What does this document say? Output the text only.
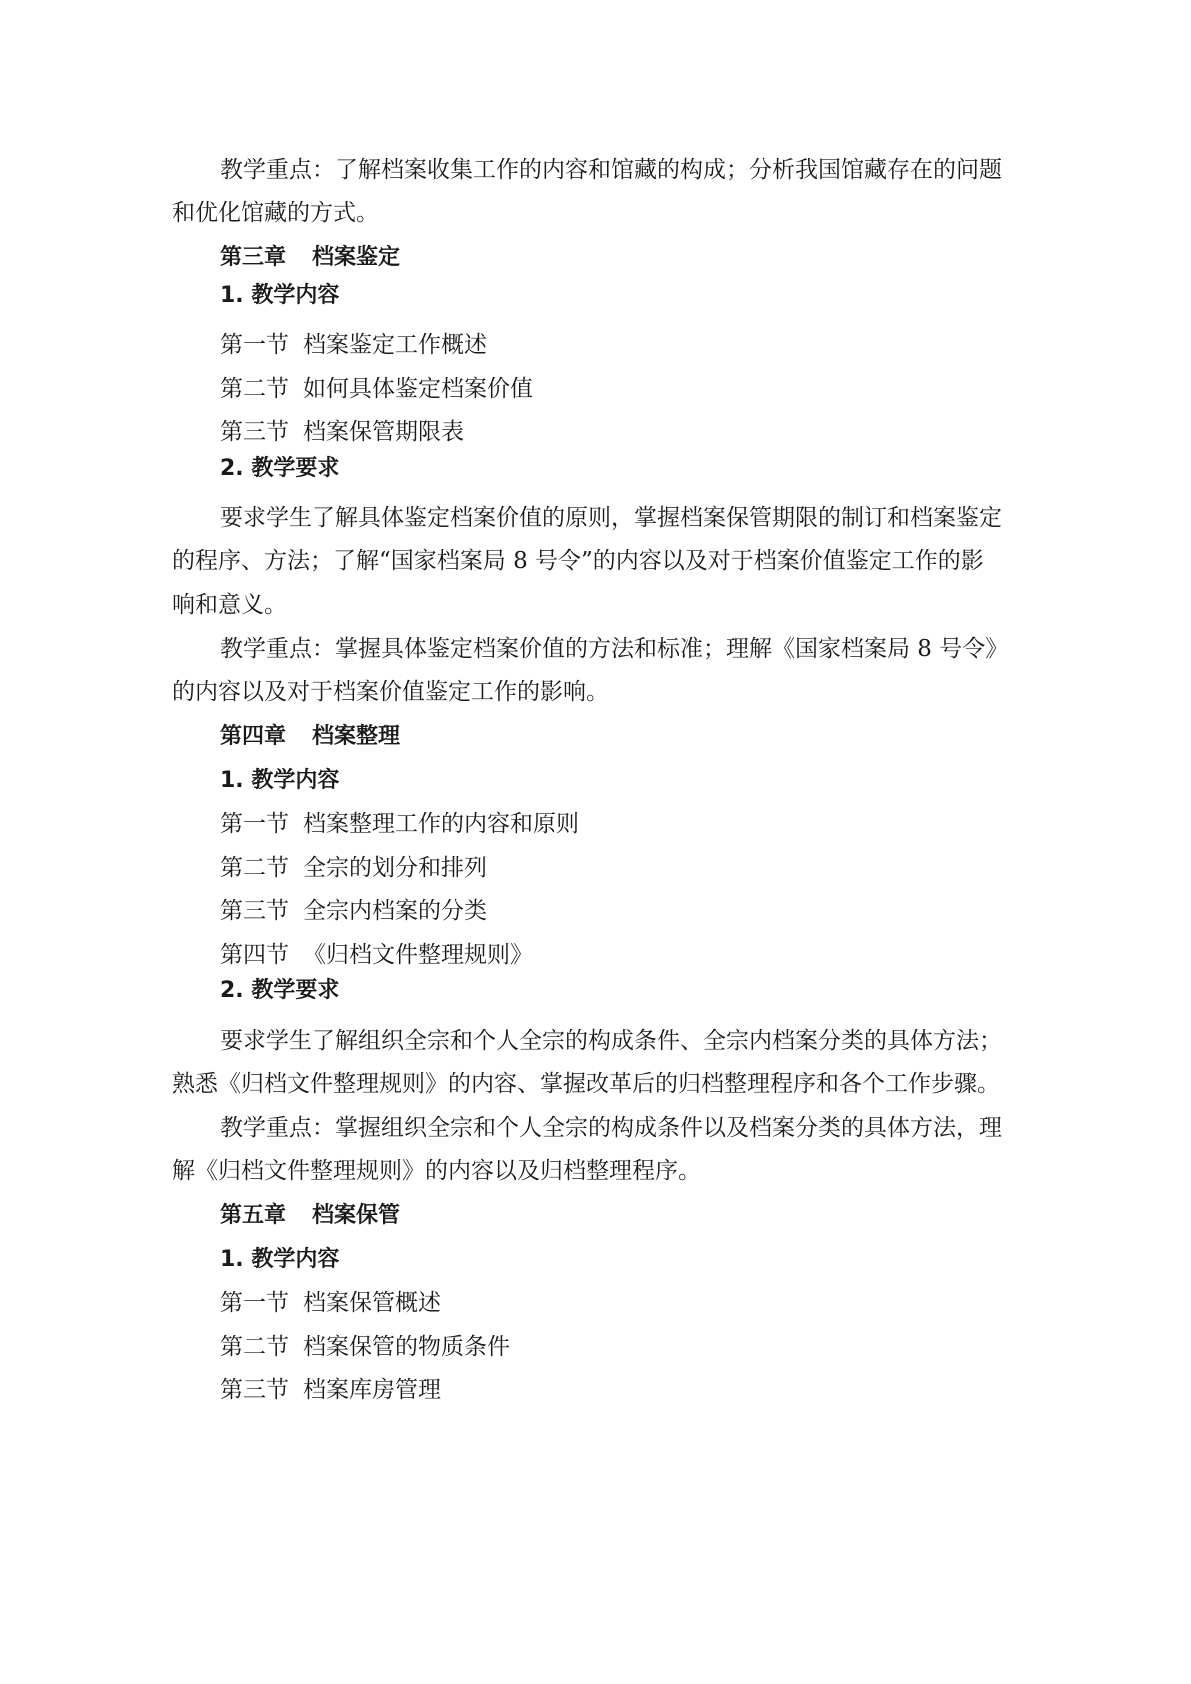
教学重点：了解档案收集工作的内容和馆藏的构成；分析我国馆藏存在的问题
和优化馆藏的方式。
第三章 档案鉴定
1. 教学内容
第一节 档案鉴定工作概述
第二节 如何具体鉴定档案价值
第三节 档案保管期限表
2. 教学要求
要求学生了解具体鉴定档案价值的原则，掌握档案保管期限的制订和档案鉴定
的程序、方法；了解“国家档案局 8 号令”的内容以及对于档案价值鉴定工作的影
响和意义。
教学重点：掌握具体鉴定档案价值的方法和标准；理解《国家档案局 8 号令》
的内容以及对于档案价值鉴定工作的影响。
第四章 档案整理
1. 教学内容
第一节 档案整理工作的内容和原则
第二节 全宗的划分和排列
第三节 全宗内档案的分类
第四节 《归档文件整理规则》
2. 教学要求
要求学生了解组织全宗和个人全宗的构成条件、全宗内档案分类的具体方法；
熟悉《归档文件整理规则》的内容、掌握改革后的归档整理程序和各个工作步骤。
教学重点：掌握组织全宗和个人全宗的构成条件以及档案分类的具体方法，理
解《归档文件整理规则》的内容以及归档整理程序。
第五章 档案保管
1. 教学内容
第一节 档案保管概述
第二节 档案保管的物质条件
第三节 档案库房管理
